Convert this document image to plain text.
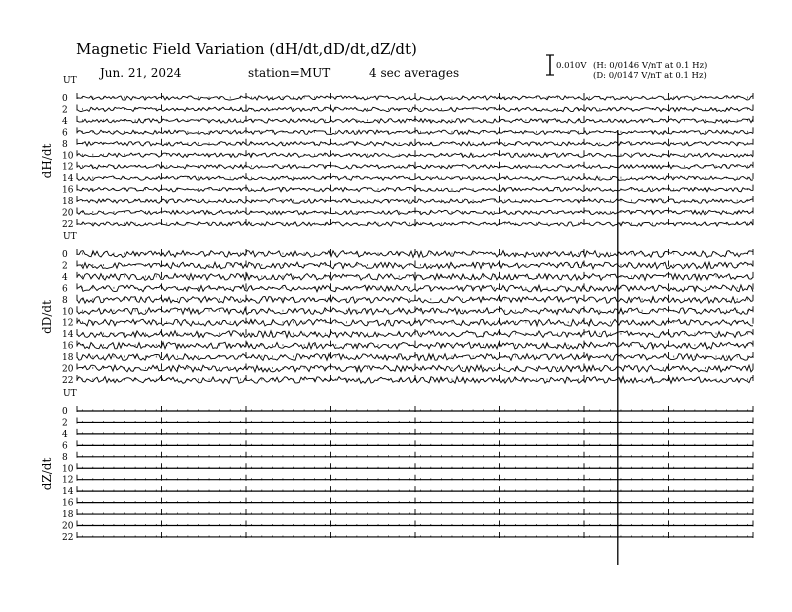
Magnetic Field Variation (dH/dt,dD/dt,dZ/dt)
Jun. 21, 2024	station=MUT	4 sec averages	0.010V (H: 0/0146 V/nT at 0.1 Hz)
(D: 0/0147 V/nT at 0.1 Hz)
UT
dH/dt
0
2
4
6
8
10
12
14
16
18
20
22
UT
dD/dt
0
2
4
6
8
10
12
14
16
18
20
22
UT
dZ/dt
0
2
4
6
8
10
12
14
16
18
20
22
